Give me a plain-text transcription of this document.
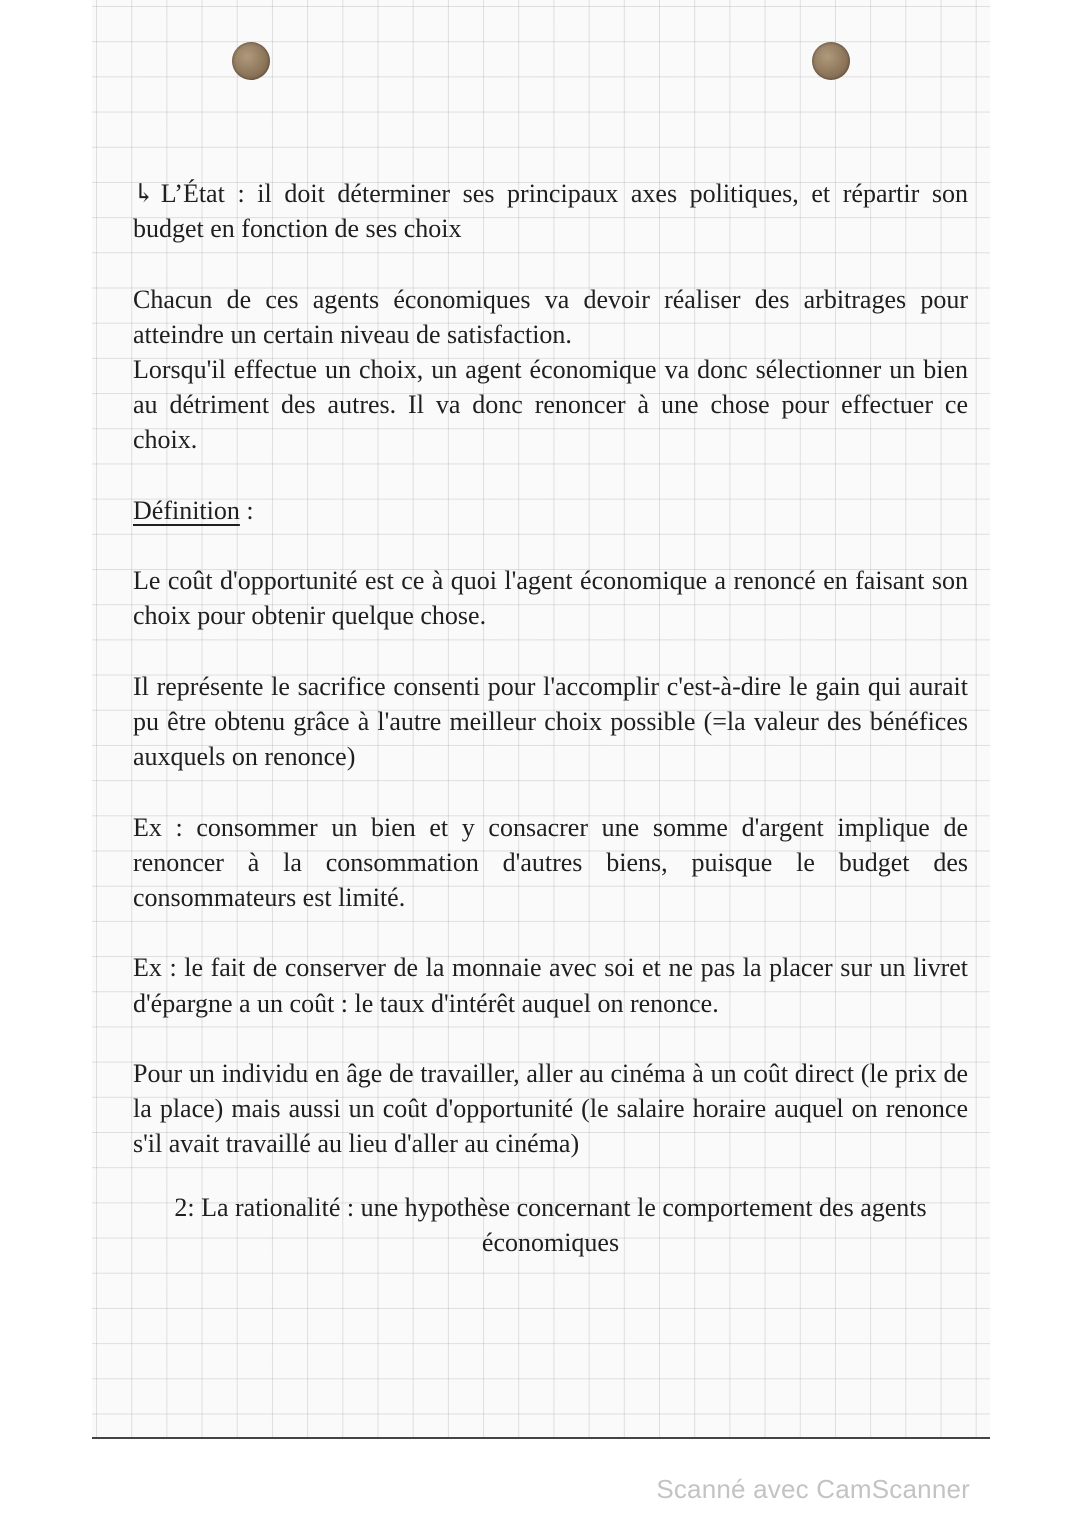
↳ L’État : il doit déterminer ses principaux axes politiques, et répartir son budget en fonction de ses choix

Chacun de ces agents économiques va devoir réaliser des arbitrages pour atteindre un certain niveau de satisfaction.

Lorsqu'il effectue un choix, un agent économique va donc sélectionner un bien au détriment des autres. Il va donc renoncer à une chose pour effectuer ce choix.

Définition :

Le coût d'opportunité est ce à quoi l'agent économique a renoncé en faisant son choix pour obtenir quelque chose.

Il représente le sacrifice consenti pour l'accomplir c'est-à-dire le gain qui aurait pu être obtenu grâce à l'autre meilleur choix possible (=la valeur des bénéfices auxquels on renonce)

Ex : consommer un bien et y consacrer une somme d'argent implique de renoncer à la consommation d'autres biens, puisque le budget des consommateurs est limité.

Ex : le fait de conserver de la monnaie avec soi et ne pas la placer sur un livret d'épargne a un coût : le taux d'intérêt auquel on renonce.

Pour un individu en âge de travailler, aller au cinéma à un coût direct (le prix de la place) mais aussi un coût d'opportunité (le salaire horaire auquel on renonce s'il avait travaillé au lieu d'aller au cinéma)

2: La rationalité : une hypothèse concernant le comportement des agents économiques

Scanné avec CamScanner
